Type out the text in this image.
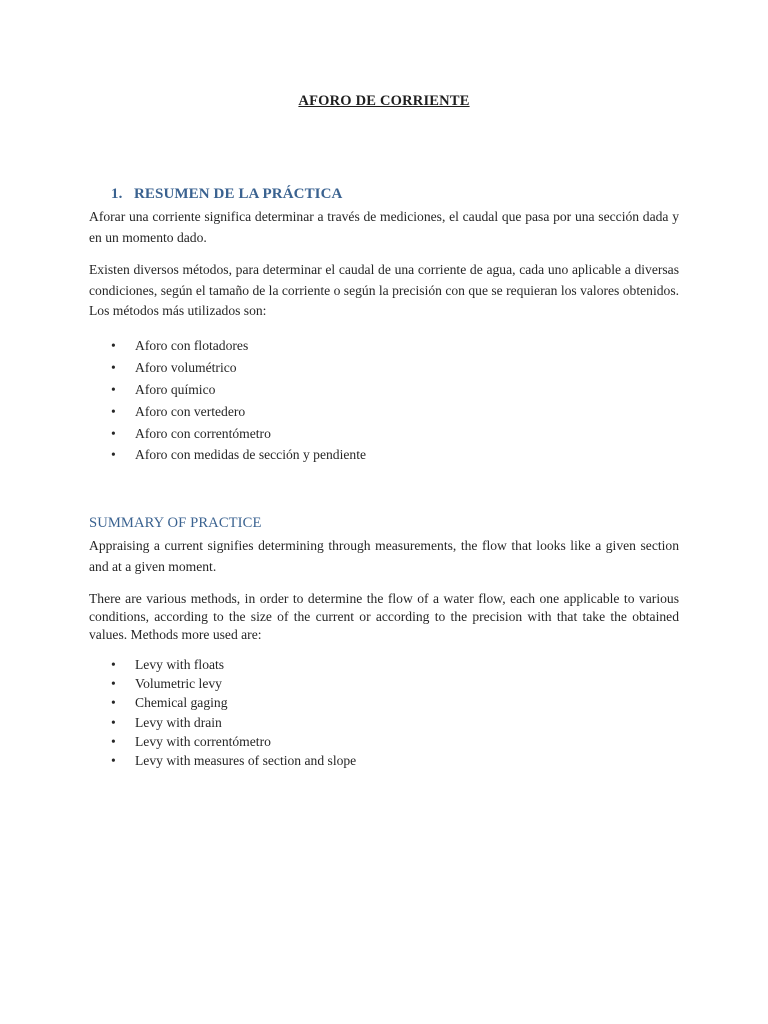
AFORO DE CORRIENTE
1. RESUMEN DE LA PRÁCTICA

Aforar una corriente significa determinar a través de mediciones, el caudal que pasa por una sección dada y en un momento dado.

Existen diversos métodos, para determinar el caudal de una corriente de agua, cada uno aplicable a diversas condiciones, según el tamaño de la corriente o según la precisión con que se requieran los valores obtenidos. Los métodos más utilizados son:

• Aforo con flotadores
• Aforo volumétrico
• Aforo químico
• Aforo con vertedero
• Aforo con correntómetro
• Aforo con medidas de sección y pendiente
SUMMARY OF PRACTICE

Appraising a current signifies determining through measurements, the flow that looks like a given section and at a given moment.

There are various methods, in order to determine the flow of a water flow, each one applicable to various conditions, according to the size of the current or according to the precision with that take the obtained values. Methods more used are:

• Levy with floats
• Volumetric levy
• Chemical gaging
• Levy with drain
• Levy with correntómetro
• Levy with measures of section and slope
